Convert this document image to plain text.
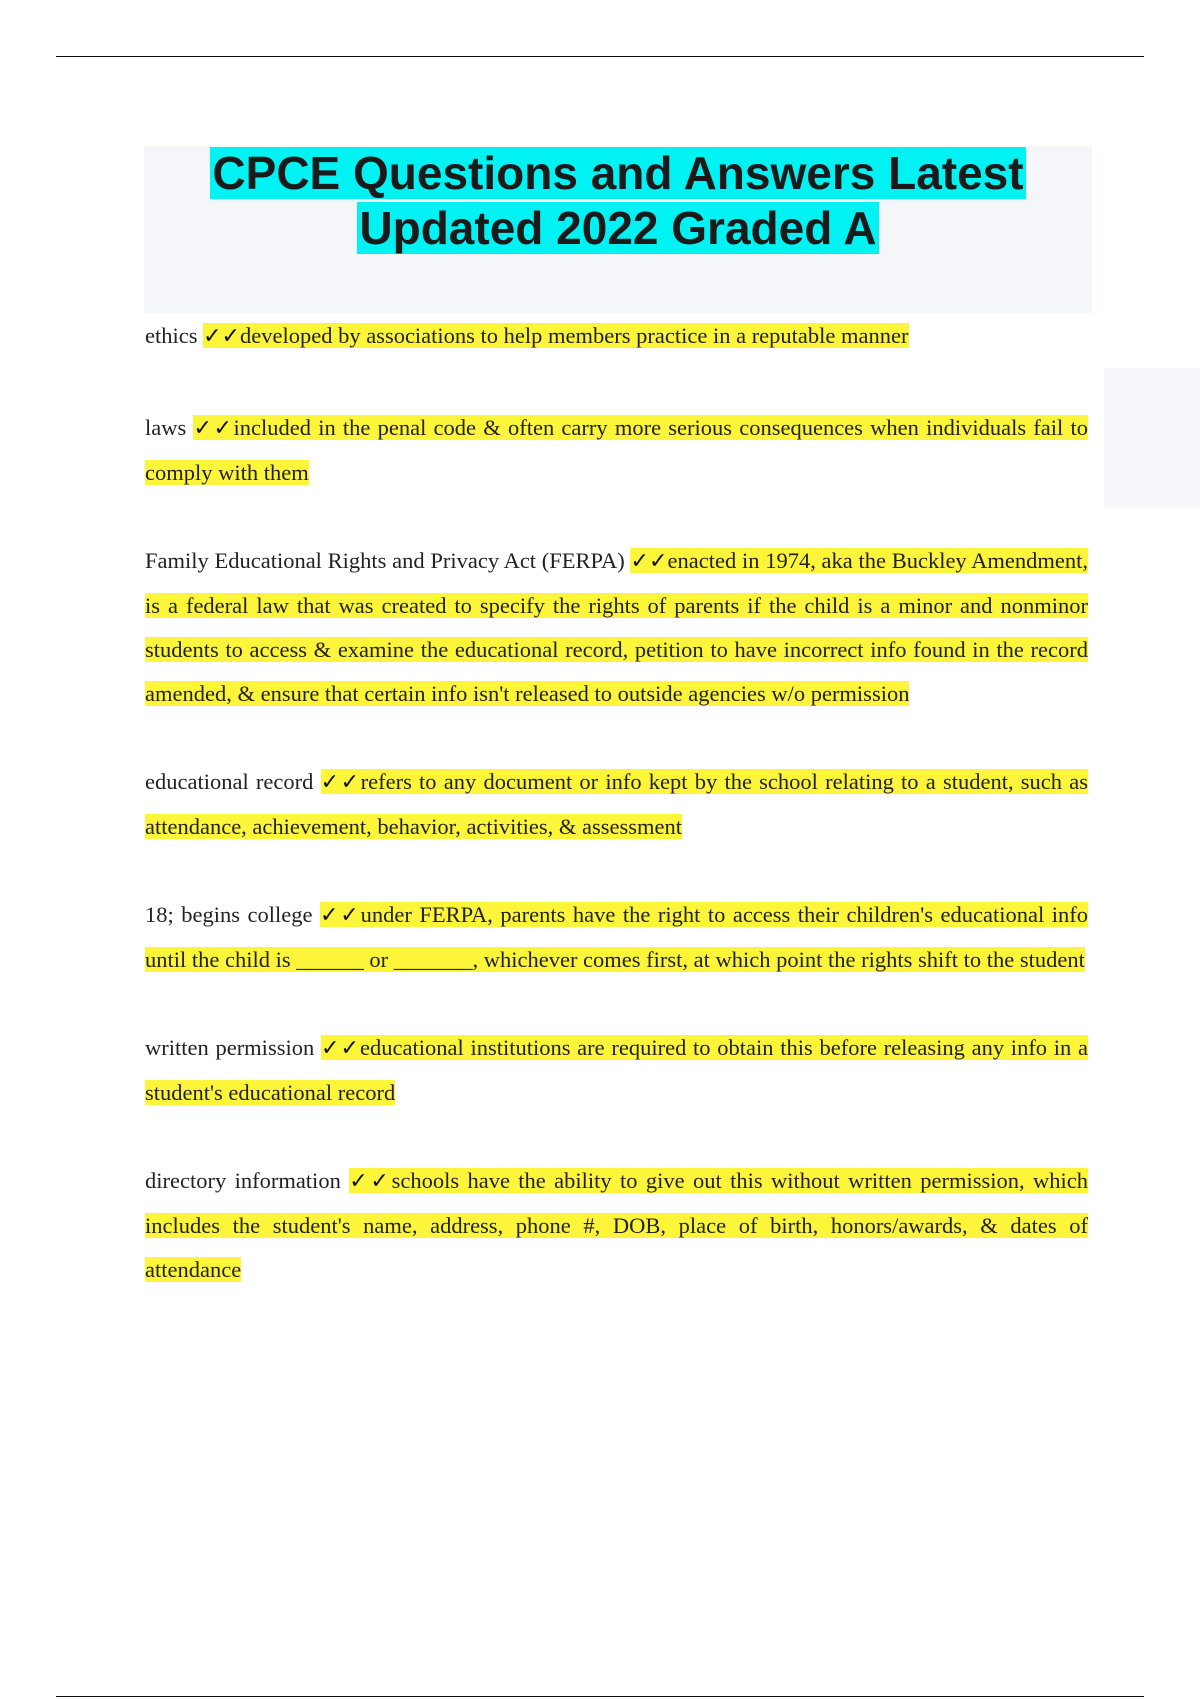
CPCE Questions and Answers Latest
Updated 2022 Graded A

ethics ✓✓developed by associations to help members practice in a reputable manner

laws ✓✓included in the penal code & often carry more serious consequences when individuals fail to comply with them

Family Educational Rights and Privacy Act (FERPA) ✓✓enacted in 1974, aka the Buckley Amendment, is a federal law that was created to specify the rights of parents if the child is a minor and nonminor students to access & examine the educational record, petition to have incorrect info found in the record amended, & ensure that certain info isn't released to outside agencies w/o permission

educational record ✓✓refers to any document or info kept by the school relating to a student, such as attendance, achievement, behavior, activities, & assessment

18; begins college ✓✓under FERPA, parents have the right to access their children's educational info until the child is ______ or _______, whichever comes first, at which point the rights shift to the student

written permission ✓✓educational institutions are required to obtain this before releasing any info in a student's educational record

directory information ✓✓schools have the ability to give out this without written permission, which includes the student's name, address, phone #, DOB, place of birth, honors/awards, & dates of attendance
